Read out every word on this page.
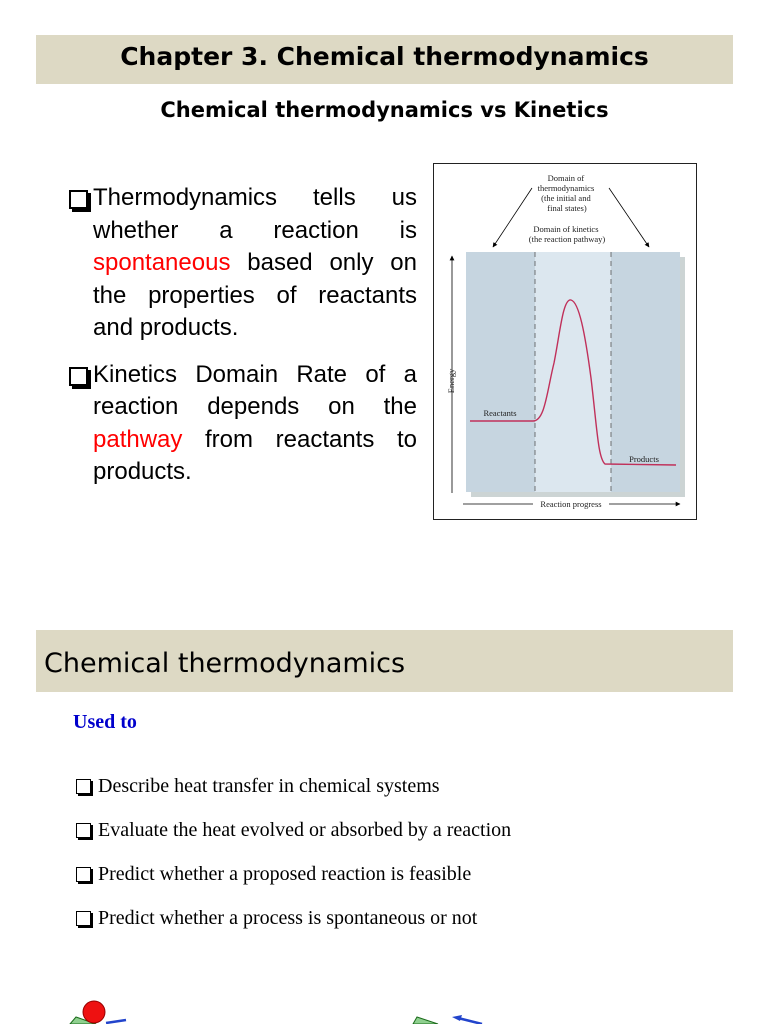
Chapter 3. Chemical thermodynamics
Chemical thermodynamics vs Kinetics
Thermodynamics tells us whether a reaction is spontaneous based only on the properties of reactants and products.
Kinetics Domain Rate of a reaction depends on the pathway from reactants to products.
Domain of thermodynamics (the initial and final states)
Domain of kinetics (the reaction pathway)
Energy
Reactants
Products
Reaction progress
Chemical thermodynamics
Used to
Describe heat transfer in chemical systems
Evaluate the heat evolved or absorbed by a reaction
Predict whether a proposed reaction is feasible
Predict whether a process is spontaneous or not
